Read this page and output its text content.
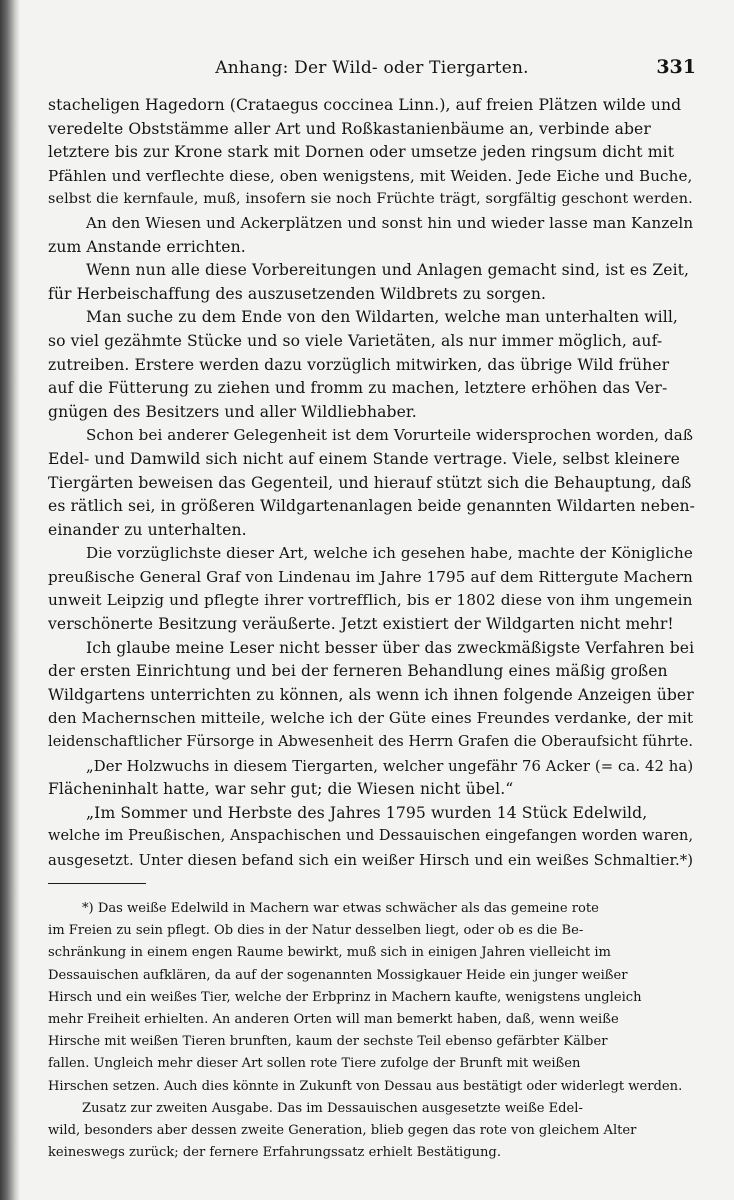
Anhang: Der Wild- oder Tiergarten.	331
stacheligen Hagedorn (Crataegus coccinea Linn.), auf freien Plätzen wilde und
veredelte Obststämme aller Art und Roßkastanienbäume an, verbinde aber
letztere bis zur Krone stark mit Dornen oder umsetze jeden ringsum dicht mit
Pfählen und verflechte diese, oben wenigstens, mit Weiden. Jede Eiche und Buche,
selbst die kernfaule, muß, insofern sie noch Früchte trägt, sorgfältig geschont werden.
An den Wiesen und Ackerplätzen und sonst hin und wieder lasse man Kanzeln
zum Anstande errichten.
Wenn nun alle diese Vorbereitungen und Anlagen gemacht sind, ist es Zeit,
für Herbeischaffung des auszusetzenden Wildbrets zu sorgen.
Man suche zu dem Ende von den Wildarten, welche man unterhalten will,
so viel gezähmte Stücke und so viele Varietäten, als nur immer möglich, auf-
zutreiben. Erstere werden dazu vorzüglich mitwirken, das übrige Wild früher
auf die Fütterung zu ziehen und fromm zu machen, letztere erhöhen das Ver-
gnügen des Besitzers und aller Wildliebhaber.
Schon bei anderer Gelegenheit ist dem Vorurteile widersprochen worden, daß
Edel- und Damwild sich nicht auf einem Stande vertrage. Viele, selbst kleinere
Tiergärten beweisen das Gegenteil, und hierauf stützt sich die Behauptung, daß
es rätlich sei, in größeren Wildgartenanlagen beide genannten Wildarten neben-
einander zu unterhalten.
Die vorzüglichste dieser Art, welche ich gesehen habe, machte der Königliche
preußische General Graf von Lindenau im Jahre 1795 auf dem Rittergute Machern
unweit Leipzig und pflegte ihrer vortrefflich, bis er 1802 diese von ihm ungemein
verschönerte Besitzung veräußerte. Jetzt existiert der Wildgarten nicht mehr!
Ich glaube meine Leser nicht besser über das zweckmäßigste Verfahren bei
der ersten Einrichtung und bei der ferneren Behandlung eines mäßig großen
Wildgartens unterrichten zu können, als wenn ich ihnen folgende Anzeigen über
den Machernschen mitteile, welche ich der Güte eines Freundes verdanke, der mit
leidenschaftlicher Fürsorge in Abwesenheit des Herrn Grafen die Oberaufsicht führte.
„Der Holzwuchs in diesem Tiergarten, welcher ungefähr 76 Acker (= ca. 42 ha)
Flächeninhalt hatte, war sehr gut; die Wiesen nicht übel.“
„Im Sommer und Herbste des Jahres 1795 wurden 14 Stück Edelwild,
welche im Preußischen, Anspachischen und Dessauischen eingefangen worden waren,
ausgesetzt. Unter diesen befand sich ein weißer Hirsch und ein weißes Schmaltier.*)
*) Das weiße Edelwild in Machern war etwas schwächer als das gemeine rote
im Freien zu sein pflegt. Ob dies in der Natur desselben liegt, oder ob es die Be-
schränkung in einem engen Raume bewirkt, muß sich in einigen Jahren vielleicht im
Dessauischen aufklären, da auf der sogenannten Mossigkauer Heide ein junger weißer
Hirsch und ein weißes Tier, welche der Erbprinz in Machern kaufte, wenigstens ungleich
mehr Freiheit erhielten. An anderen Orten will man bemerkt haben, daß, wenn weiße
Hirsche mit weißen Tieren brunften, kaum der sechste Teil ebenso gefärbter Kälber
fallen. Ungleich mehr dieser Art sollen rote Tiere zufolge der Brunft mit weißen
Hirschen setzen. Auch dies könnte in Zukunft von Dessau aus bestätigt oder widerlegt werden.
Zusatz zur zweiten Ausgabe. Das im Dessauischen ausgesetzte weiße Edel-
wild, besonders aber dessen zweite Generation, blieb gegen das rote von gleichem Alter
keineswegs zurück; der fernere Erfahrungssatz erhielt Bestätigung.
